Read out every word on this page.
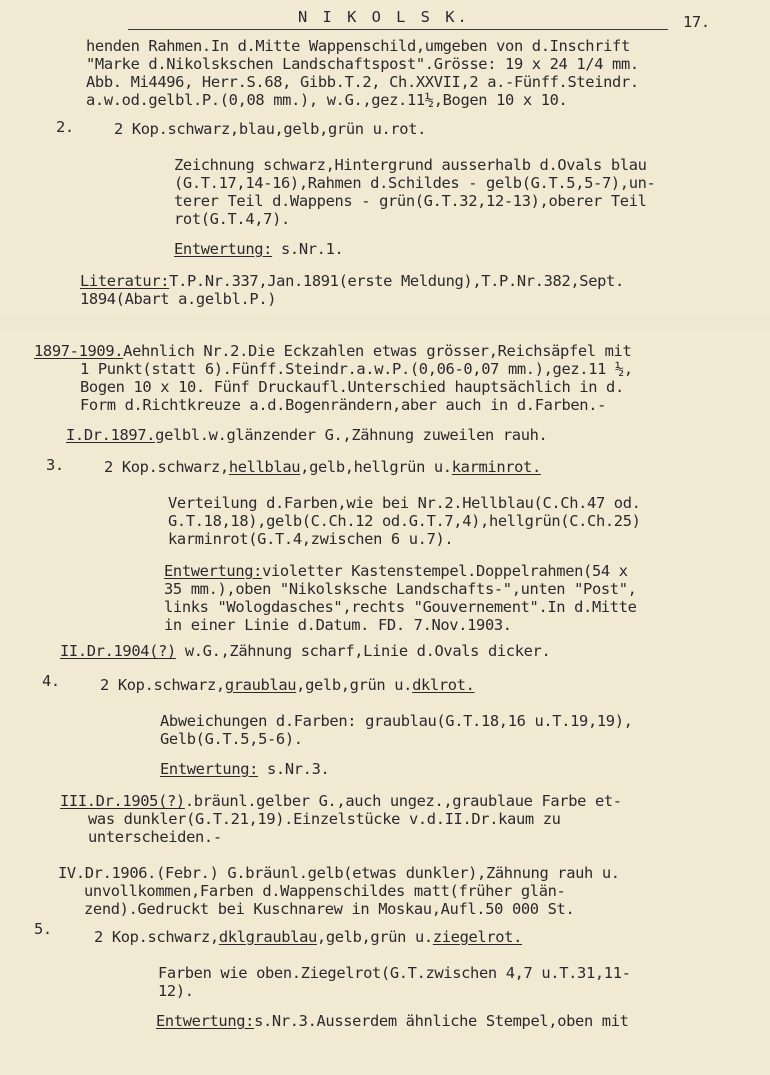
N I K O L S K.	17.
henden Rahmen.In d.Mitte Wappenschild,umgeben von d.Inschrift
"Marke d.Nikolskschen Landschaftspost".Grösse: 19 x 24 1/4 mm.
Abb. Mi4496, Herr.S.68, Gibb.T.2, Ch.XXVII,2 a.-Fünff.Steindr.
a.w.od.gelbl.P.(0,08 mm.), w.G.,gez.11½,Bogen 10 x 10.
2.	2 Kop.schwarz,blau,gelb,grün u.rot.
Zeichnung schwarz,Hintergrund ausserhalb d.Ovals blau
(G.T.17,14-16),Rahmen d.Schildes - gelb(G.T.5,5-7),un-
terer Teil d.Wappens - grün(G.T.32,12-13),oberer Teil
rot(G.T.4,7).
Entwertung: s.Nr.1.
Literatur:T.P.Nr.337,Jan.1891(erste Meldung),T.P.Nr.382,Sept.
1894(Abart a.gelbl.P.)
1897-1909.Aehnlich Nr.2.Die Eckzahlen etwas grösser,Reichsäpfel mit
1 Punkt(statt 6).Fünff.Steindr.a.w.P.(0,06-0,07 mm.),gez.11 ½,
Bogen 10 x 10. Fünf Druckaufl.Unterschied hauptsächlich in d.
Form d.Richtkreuze a.d.Bogenrändern,aber auch in d.Farben.-
I.Dr.1897.gelbl.w.glänzender G.,Zähnung zuweilen rauh.
3.	2 Kop.schwarz,hellblau,gelb,hellgrün u.karminrot.
Verteilung d.Farben,wie bei Nr.2.Hellblau(C.Ch.47 od.
G.T.18,18),gelb(C.Ch.12 od.G.T.7,4),hellgrün(C.Ch.25)
karminrot(G.T.4,zwischen 6 u.7).
Entwertung:violetter Kastenstempel.Doppelrahmen(54 x
35 mm.),oben "Nikolsksche Landschafts-",unten "Post",
links "Wologdasches",rechts "Gouvernement".In d.Mitte
in einer Linie d.Datum. FD. 7.Nov.1903.
II.Dr.1904(?) w.G.,Zähnung scharf,Linie d.Ovals dicker.
4.	2 Kop.schwarz,graublau,gelb,grün u.dklrot.
Abweichungen d.Farben: graublau(G.T.18,16 u.T.19,19),
Gelb(G.T.5,5-6).
Entwertung: s.Nr.3.
III.Dr.1905(?).bräunl.gelber G.,auch ungez.,graublaue Farbe et-
was dunkler(G.T.21,19).Einzelstücke v.d.II.Dr.kaum zu
unterscheiden.-
IV.Dr.1906.(Febr.) G.bräunl.gelb(etwas dunkler),Zähnung rauh u.
unvollkommen,Farben d.Wappenschildes matt(früher glän-
zend).Gedruckt bei Kuschnarew in Moskau,Aufl.50 000 St.
5.	2 Kop.schwarz,dklgraublau,gelb,grün u.ziegelrot.
Farben wie oben.Ziegelrot(G.T.zwischen 4,7 u.T.31,11-
12).
Entwertung:s.Nr.3.Ausserdem ähnliche Stempel,oben mit
